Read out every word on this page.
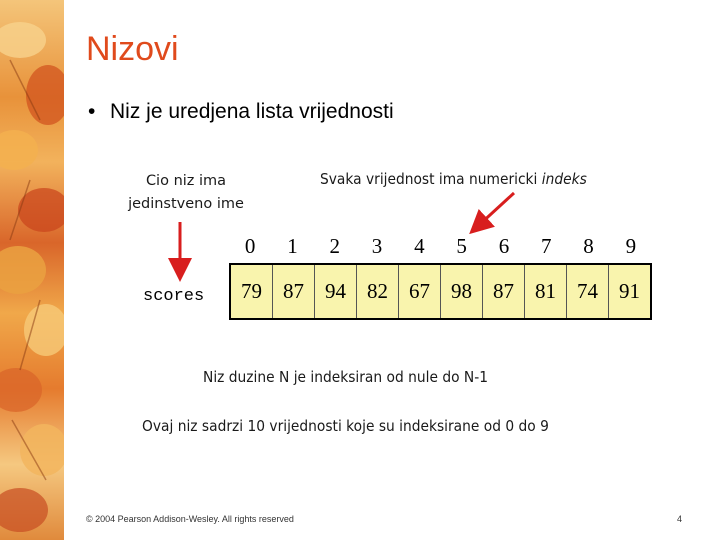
Nizovi
• Niz je uredjena lista vrijednosti
Cio niz ima
jedinstveno ime
Svaka vrijednost ima numericki indeks
0	1	2	3	4	5	6	7	8	9
scores	79	87	94	82	67	98	87	81	74	91
Niz duzine N je indeksiran od nule do N-1
Ovaj niz sadrzi 10 vrijednosti koje su indeksirane od 0 do 9
© 2004 Pearson Addison-Wesley. All rights reserved	4
